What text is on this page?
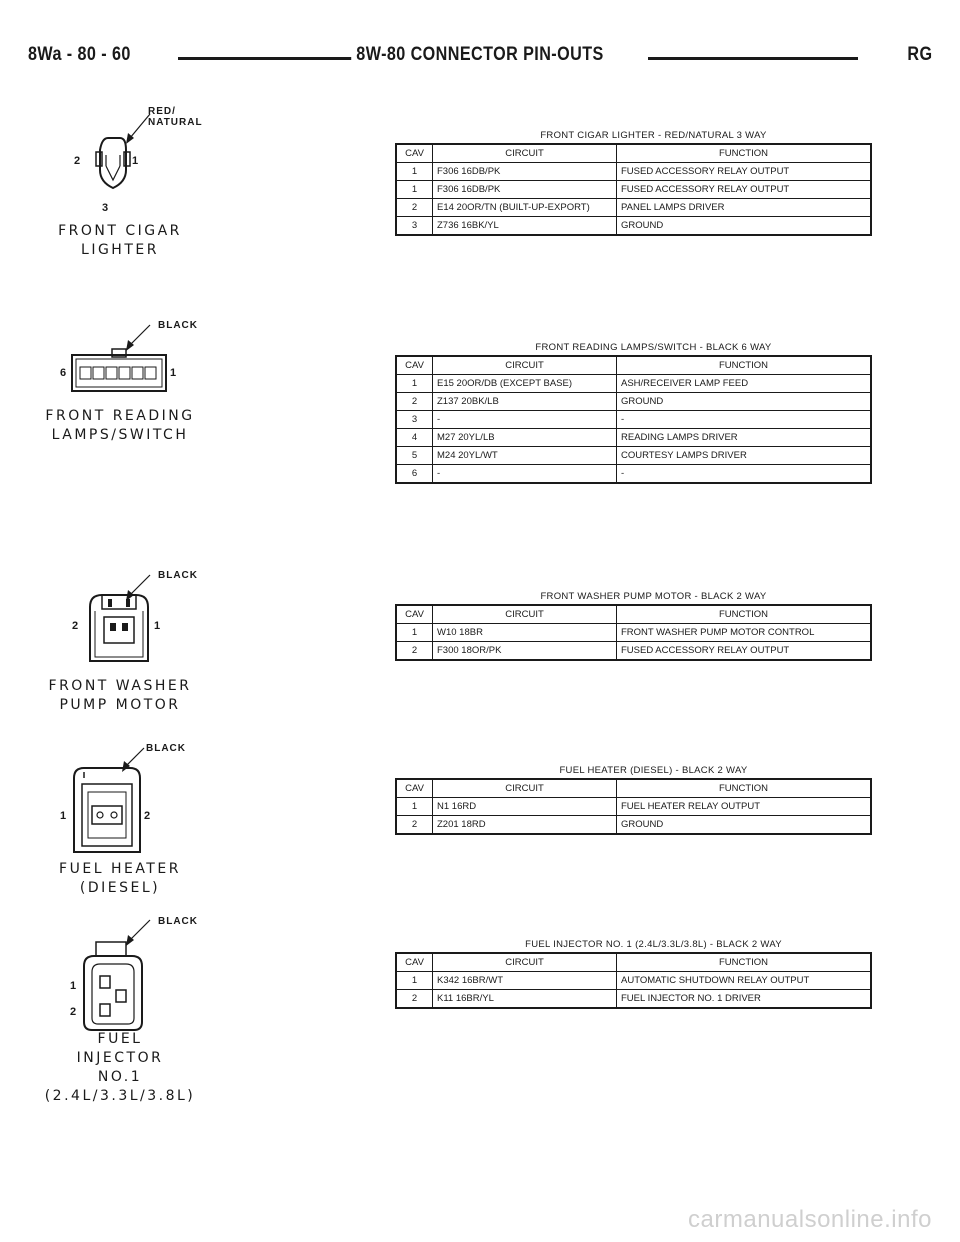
8Wa - 80 - 60	8W-80 CONNECTOR PIN-OUTS	RG
RED/
NATURAL
2	1
3
FRONT CIGAR
LIGHTER
FRONT CIGAR LIGHTER - RED/NATURAL 3 WAY
CAV	CIRCUIT	FUNCTION
1	F306 16DB/PK	FUSED ACCESSORY RELAY OUTPUT
1	F306 16DB/PK	FUSED ACCESSORY RELAY OUTPUT
2	E14 20OR/TN (BUILT-UP-EXPORT)	PANEL LAMPS DRIVER
3	Z736 16BK/YL	GROUND
BLACK
6	1
FRONT READING
LAMPS/SWITCH
FRONT READING LAMPS/SWITCH - BLACK 6 WAY
CAV	CIRCUIT	FUNCTION
1	E15 20OR/DB (EXCEPT BASE)	ASH/RECEIVER LAMP FEED
2	Z137 20BK/LB	GROUND
3	-	-
4	M27 20YL/LB	READING LAMPS DRIVER
5	M24 20YL/WT	COURTESY LAMPS DRIVER
6	-	-
BLACK
2	1
FRONT WASHER
PUMP MOTOR
FRONT WASHER PUMP MOTOR - BLACK 2 WAY
CAV	CIRCUIT	FUNCTION
1	W10 18BR	FRONT WASHER PUMP MOTOR CONTROL
2	F300 18OR/PK	FUSED ACCESSORY RELAY OUTPUT
BLACK
1	2
FUEL HEATER
(DIESEL)
FUEL HEATER (DIESEL) - BLACK 2 WAY
CAV	CIRCUIT	FUNCTION
1	N1 16RD	FUEL HEATER RELAY OUTPUT
2	Z201 18RD	GROUND
BLACK
1
2
FUEL
INJECTOR
NO.1
(2.4L/3.3L/3.8L)
FUEL INJECTOR NO. 1 (2.4L/3.3L/3.8L) - BLACK 2 WAY
CAV	CIRCUIT	FUNCTION
1	K342 16BR/WT	AUTOMATIC SHUTDOWN RELAY OUTPUT
2	K11 16BR/YL	FUEL INJECTOR NO. 1 DRIVER
carmanualsonline.info
